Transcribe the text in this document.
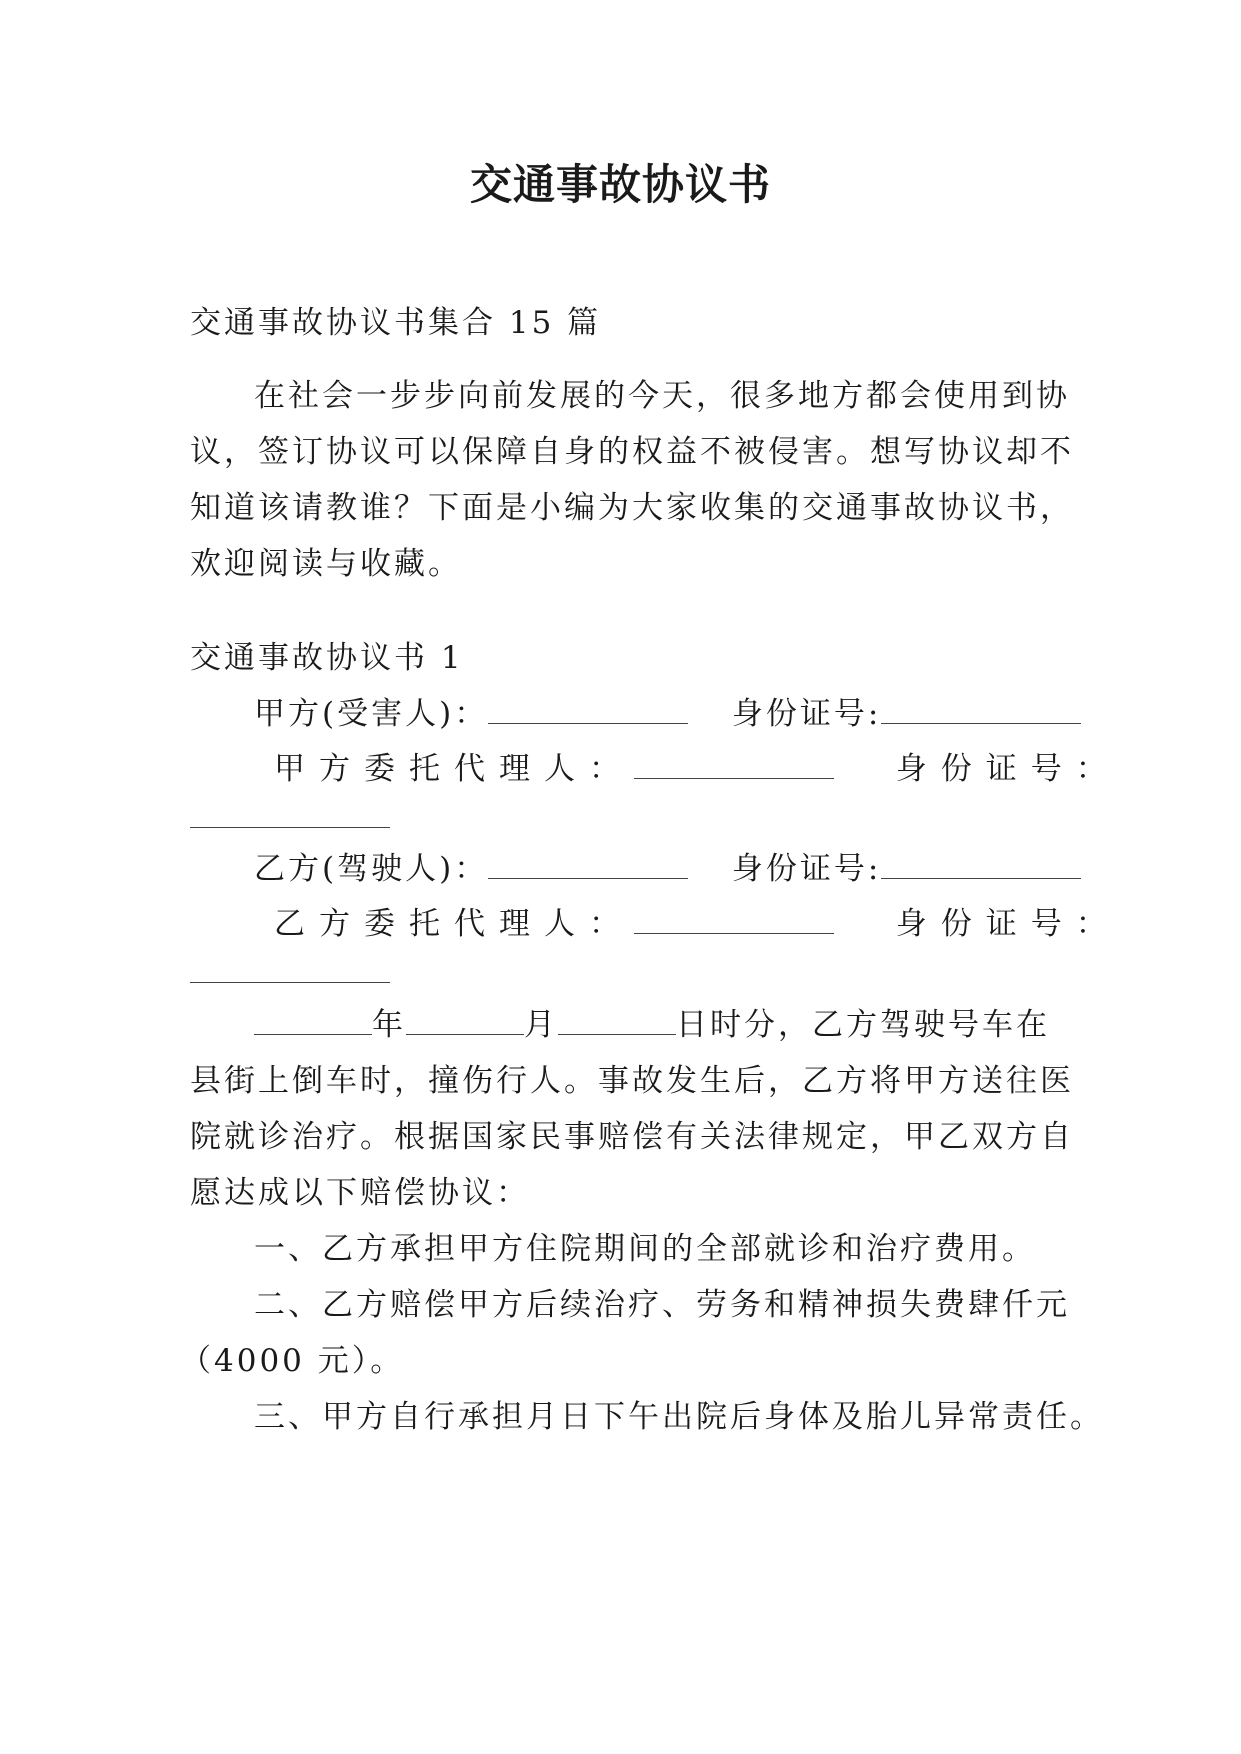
交通事故协议书
交通事故协议书集合 15 篇
在社会一步步向前发展的今天，很多地方都会使用到协
议，签订协议可以保障自身的权益不被侵害。想写协议却不
知道该请教谁？下面是小编为大家收集的交通事故协议书，
欢迎阅读与收藏。
交通事故协议书 1
甲方(受害人)：	身份证号:
甲方委托代理人：	身份证号：
乙方(驾驶人)：	身份证号:
乙方委托代理人：	身份证号：
年	月	日时分，乙方驾驶号车在
县街上倒车时，撞伤行人。事故发生后，乙方将甲方送往医
院就诊治疗。根据国家民事赔偿有关法律规定，甲乙双方自
愿达成以下赔偿协议：
一、乙方承担甲方住院期间的全部就诊和治疗费用。
二、乙方赔偿甲方后续治疗、劳务和精神损失费肆仟元
（4000 元）。
三、甲方自行承担月日下午出院后身体及胎儿异常责任。
